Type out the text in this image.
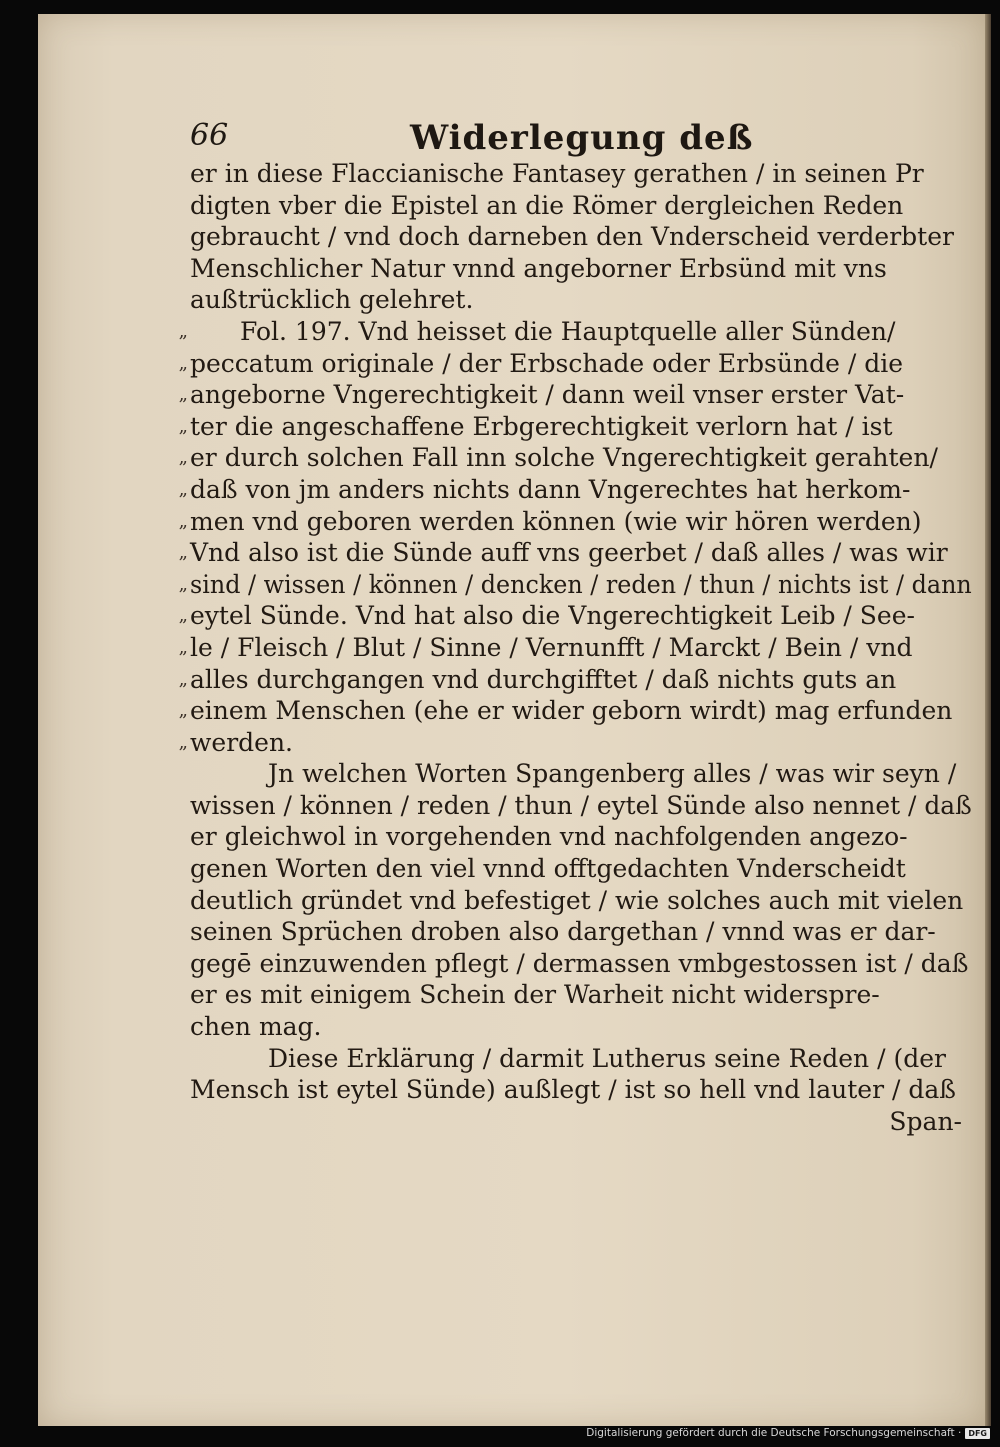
66	Widerlegung deß
er in diese Flaccianische Fantasey gerathen / in seinen Pr
digten vber die Epistel an die Römer dergleichen Reden
gebraucht / vnd doch darneben den Vnderscheid verderbter
Menschlicher Natur vnnd angeborner Erbsünd mit vns
außtrücklich gelehret.
„ Fol. 197. Vnd heisset die Hauptquelle aller Sünden/
„ peccatum originale / der Erbschade oder Erbsünde / die
„ angeborne Vngerechtigkeit / dann weil vnser erster Vat-
„ ter die angeschaffene Erbgerechtigkeit verlorn hat / ist
„ er durch solchen Fall inn solche Vngerechtigkeit gerahten/
„ daß von jm anders nichts dann Vngerechtes hat herkom-
„ men vnd geboren werden können (wie wir hören werden)
„ Vnd also ist die Sünde auff vns geerbet / daß alles / was wir
„ sind / wissen / können / dencken / reden / thun / nichts ist / dann
„ eytel Sünde. Vnd hat also die Vngerechtigkeit Leib / See-
„ le / Fleisch / Blut / Sinne / Vernunfft / Marckt / Bein / vnd
„ alles durchgangen vnd durchgifftet / daß nichts guts an
„ einem Menschen (ehe er wider geborn wirdt) mag erfunden
„ werden.
Jn welchen Worten Spangenberg alles / was wir seyn /
wissen / können / reden / thun / eytel Sünde also nennet / daß
er gleichwol in vorgehenden vnd nachfolgenden angezo-
genen Worten den viel vnnd offtgedachten Vnderscheidt
deutlich gründet vnd befestiget / wie solches auch mit vielen
seinen Sprüchen droben also dargethan / vnnd was er dar-
gegē einzuwenden pflegt / dermassen vmbgestossen ist / daß
er es mit einigem Schein der Warheit nicht widerspre-
chen mag.
Diese Erklärung / darmit Lutherus seine Reden / (der
Mensch ist eytel Sünde) außlegt / ist so hell vnd lauter / daß
Span-
Digitalisierung gefördert durch die Deutsche Forschungsgemeinschaft · DFG
